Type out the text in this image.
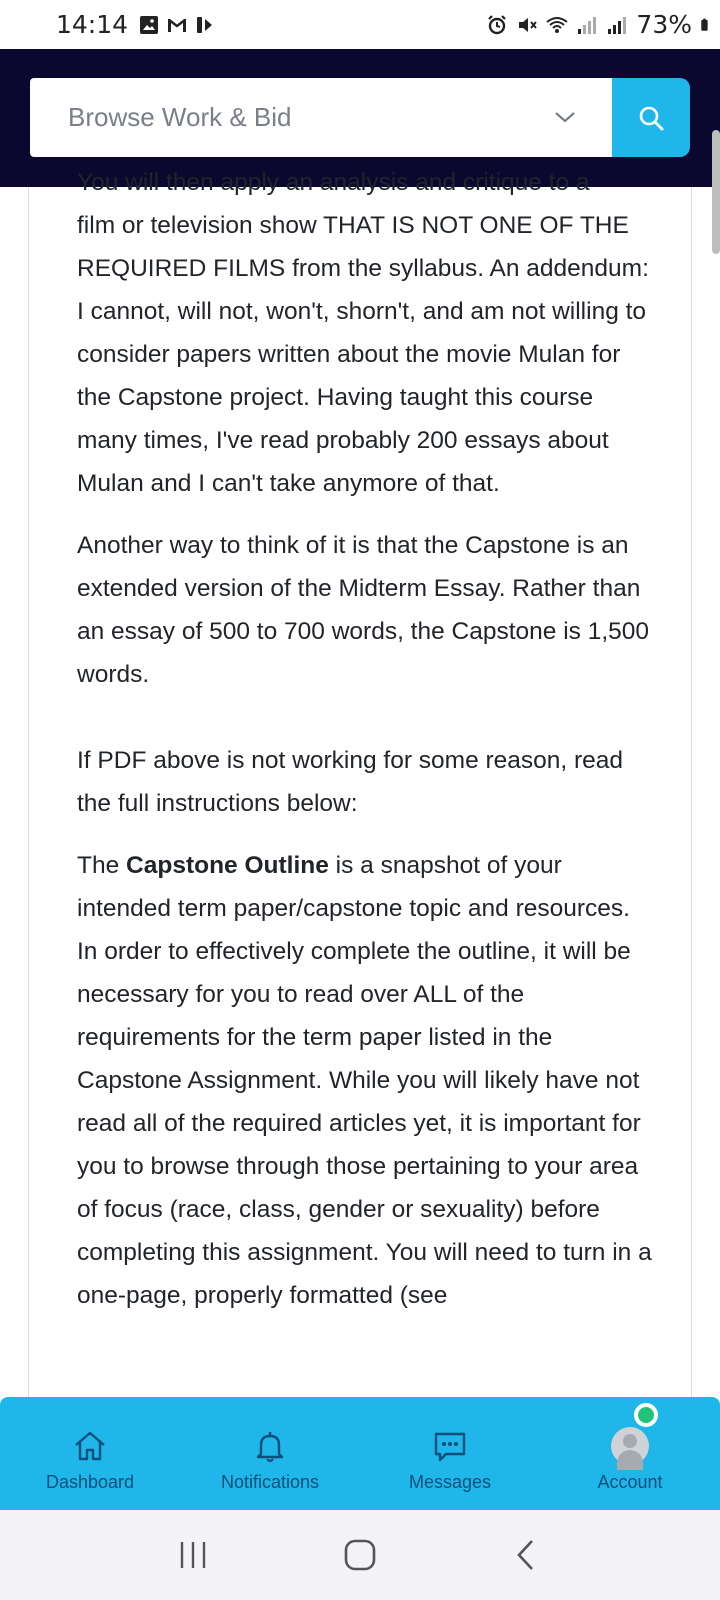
14:14	73%
Browse Work & Bid

You will then apply an analysis and critique to a

film or television show THAT IS NOT ONE OF THE REQUIRED FILMS from the syllabus. An addendum: I cannot, will not, won't, shorn't, and am not willing to consider papers written about the movie Mulan for the Capstone project. Having taught this course many times, I've read probably 200 essays about Mulan and I can't take anymore of that.

Another way to think of it is that the Capstone is an extended version of the Midterm Essay. Rather than an essay of 500 to 700 words, the Capstone is 1,500 words.

If PDF above is not working for some reason, read the full instructions below:

The Capstone Outline is a snapshot of your intended term paper/capstone topic and resources. In order to effectively complete the outline, it will be necessary for you to read over ALL of the requirements for the term paper listed in the Capstone Assignment. While you will likely have not read all of the required articles yet, it is important for you to browse through those pertaining to your area of focus (race, class, gender or sexuality) before completing this assignment. You will need to turn in a one-page, properly formatted (see

Dashboard	Notifications	Messages	Account
